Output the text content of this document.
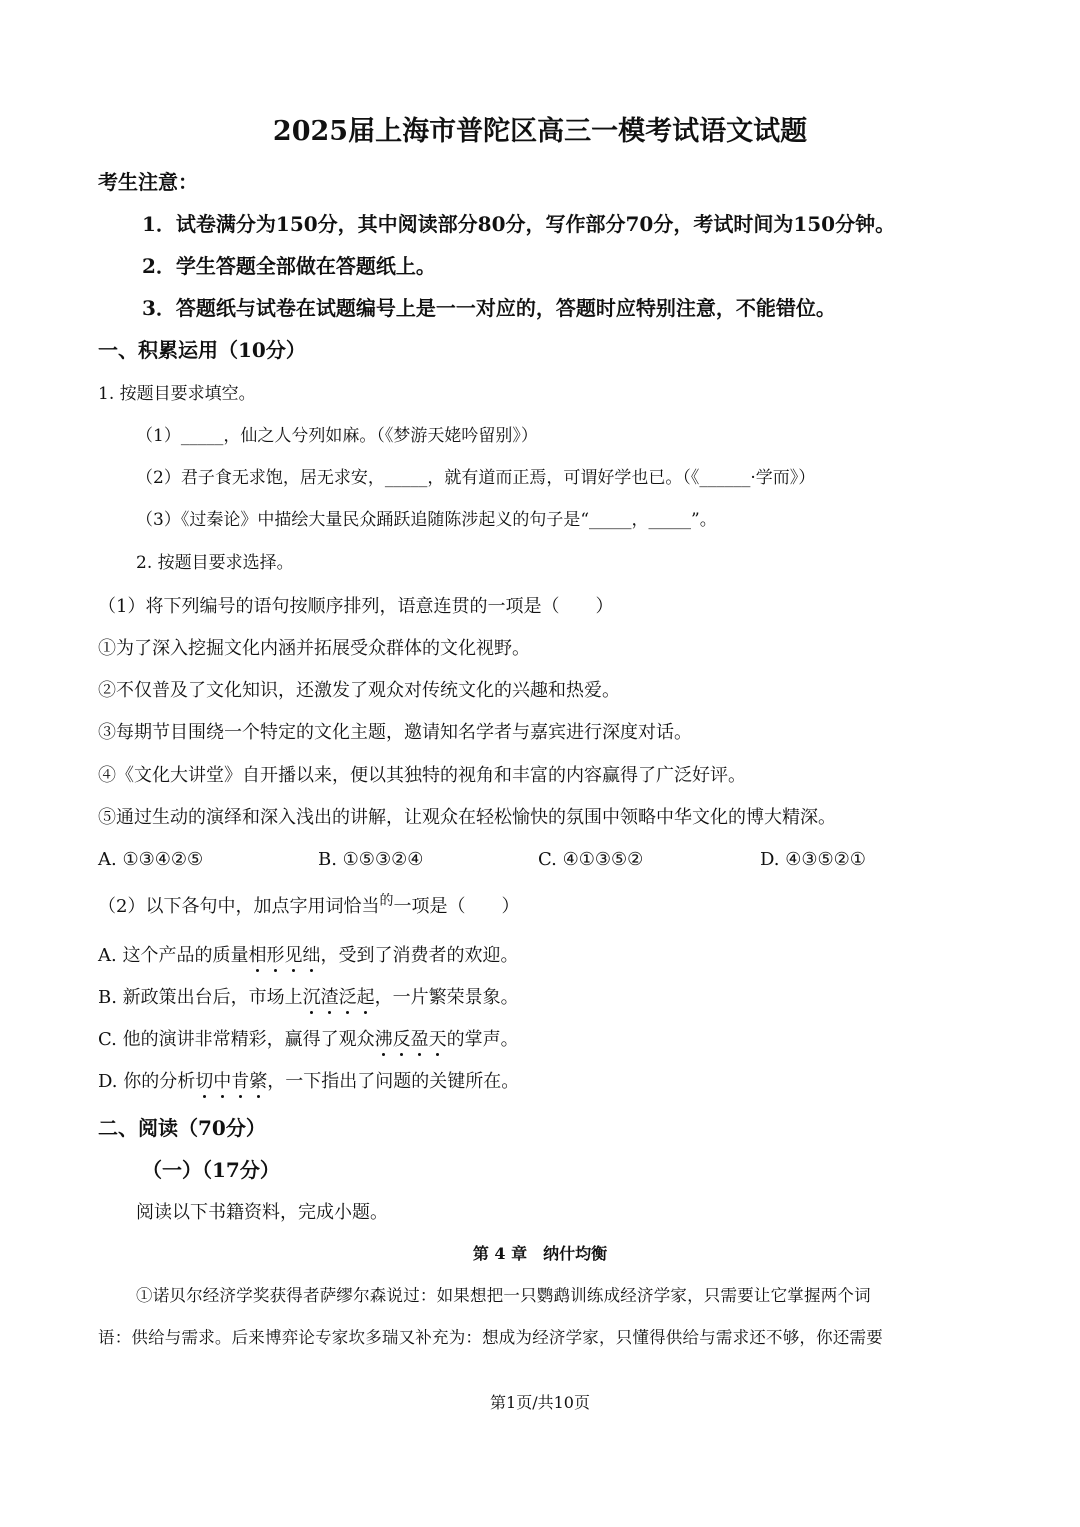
2025届上海市普陀区高三一模考试语文试题
考生注意：
1．试卷满分为150分，其中阅读部分80分，写作部分70分，考试时间为150分钟。
2．学生答题全部做在答题纸上。
3．答题纸与试卷在试题编号上是一一对应的，答题时应特别注意，不能错位。
一、积累运用（10分）
1. 按题目要求填空。
（1）_____，仙之人兮列如麻。（《梦游天姥吟留别》）
（2）君子食无求饱，居无求安，_____，就有道而正焉，可谓好学也已。（《______·学而》）
（3）《过秦论》中描绘大量民众踊跃追随陈涉起义的句子是“_____，_____”。
2. 按题目要求选择。
（1）将下列编号的语句按顺序排列，语意连贯的一项是（　　）
①为了深入挖掘文化内涵并拓展受众群体的文化视野。
②不仅普及了文化知识，还激发了观众对传统文化的兴趣和热爱。
③每期节目围绕一个特定的文化主题，邀请知名学者与嘉宾进行深度对话。
④《文化大讲堂》自开播以来，便以其独特的视角和丰富的内容赢得了广泛好评。
⑤通过生动的演绎和深入浅出的讲解，让观众在轻松愉快的氛围中领略中华文化的博大精深。
A. ①③④②⑤	B. ①⑤③②④	C. ④①③⑤②	D. ④③⑤②①
（2）以下各句中，加点字用词恰当$^的$一项是（　　）
A. 这个产品的质量相形见绌，受到了消费者的欢迎。
B. 新政策出台后，市场上沉渣泛起，一片繁荣景象。
C. 他的演讲非常精彩，赢得了观众沸反盈天的掌声。
D. 你的分析切中肯綮，一下指出了问题的关键所在。
二、阅读（70分）
（一）（17分）
阅读以下书籍资料，完成小题。
第 4 章　纳什均衡
①诺贝尔经济学奖获得者萨缪尔森说过：如果想把一只鹦鹉训练成经济学家，只需要让它掌握两个词
语：供给与需求。后来博弈论专家坎多瑞又补充为：想成为经济学家，只懂得供给与需求还不够，你还需要
第1页/共10页
